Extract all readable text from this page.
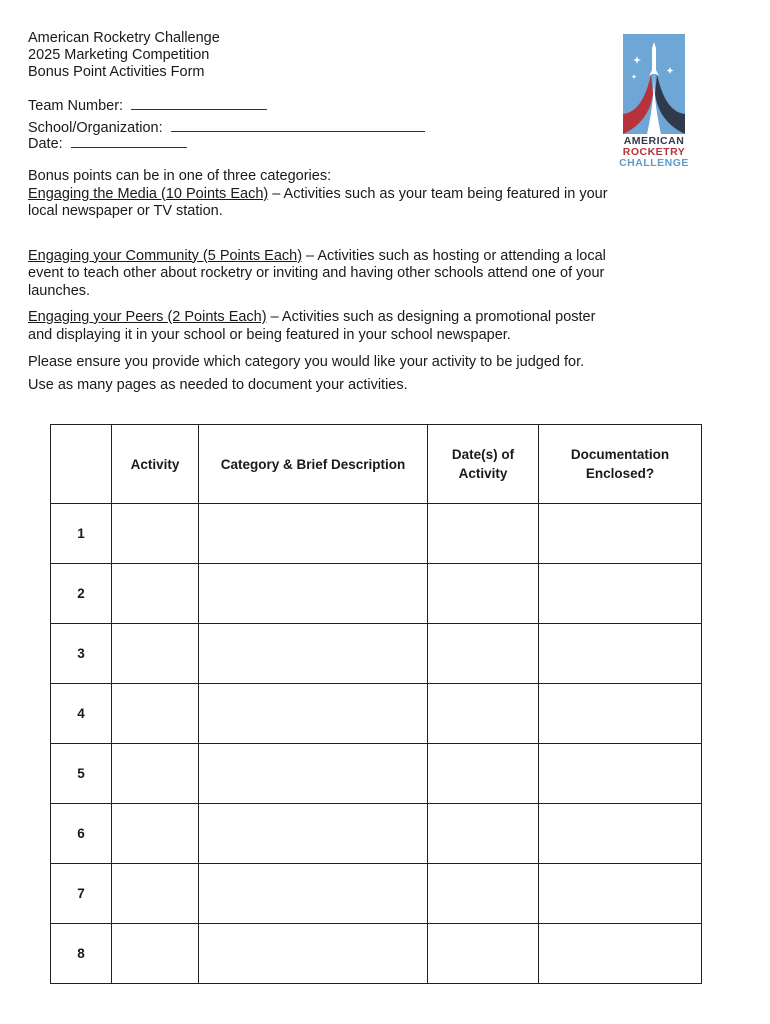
American Rocketry Challenge
2025 Marketing Competition
Bonus Point Activities Form
Team Number:
School/Organization:
Date:	AMERICAN
ROCKETRY
CHALLENGE

Bonus points can be in one of three categories:

Engaging the Media (10 Points Each) – Activities such as your team being featured in your local newspaper or TV station.

Engaging your Community (5 Points Each) – Activities such as hosting or attending a local event to teach other about rocketry or inviting and having other schools attend one of your launches.

Engaging your Peers (2 Points Each) – Activities such as designing a promotional poster and displaying it in your school or being featured in your school newspaper.

Please ensure you provide which category you would like your activity to be judged for.

Use as many pages as needed to document your activities.

	Activity	Category & Brief Description	Date(s) of Activity	Documentation Enclosed?

1				
2				
3				
4				
5				
6				
7				
8				
